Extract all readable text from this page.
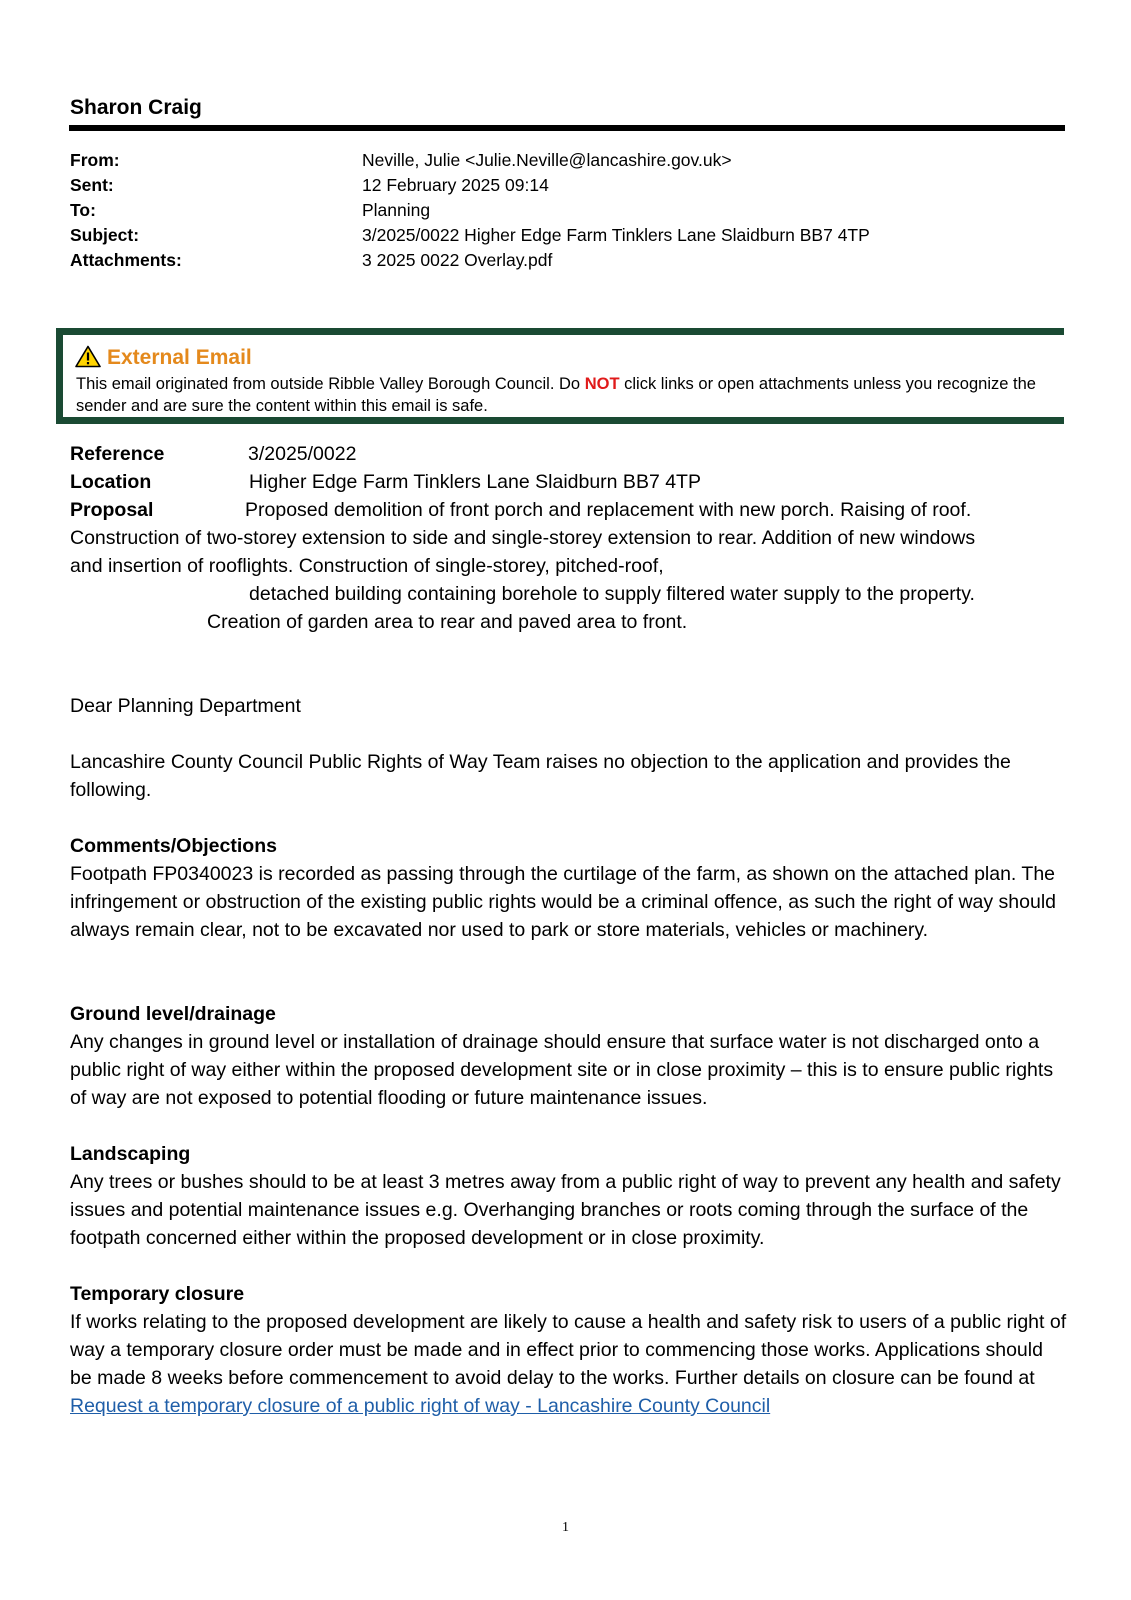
Sharon Craig
From:	Neville, Julie <Julie.Neville@lancashire.gov.uk>
Sent:	12 February 2025 09:14
To:	Planning
Subject:	3/2025/0022 Higher Edge Farm Tinklers Lane Slaidburn BB7 4TP
Attachments:	3 2025 0022 Overlay.pdf
External Email
This email originated from outside Ribble Valley Borough Council. Do NOT click links or open attachments unless you recognize the sender and are sure the content within this email is safe.
Reference	3/2025/0022
Location	Higher Edge Farm Tinklers Lane Slaidburn BB7 4TP
Proposal	Proposed demolition of front porch and replacement with new porch. Raising of roof.
Construction of two-storey extension to side and single-storey extension to rear. Addition of new windows
and insertion of rooflights. Construction of single-storey, pitched-roof,
detached building containing borehole to supply filtered water supply to the property.
Creation of garden area to rear and paved area to front.
Dear Planning Department
Lancashire County Council Public Rights of Way Team raises no objection to the application and provides the following.

Comments/Objections

Footpath FP0340023 is recorded as passing through the curtilage of the farm, as shown on the attached plan. The infringement or obstruction of the existing public rights would be a criminal offence, as such the right of way should always remain clear, not to be excavated nor used to park or store materials, vehicles or machinery.

Ground level/drainage

Any changes in ground level or installation of drainage should ensure that surface water is not discharged onto a public right of way either within the proposed development site or in close proximity – this is to ensure public rights of way are not exposed to potential flooding or future maintenance issues.

Landscaping

Any trees or bushes should to be at least 3 metres away from a public right of way to prevent any health and safety issues and potential maintenance issues e.g. Overhanging branches or roots coming through the surface of the footpath concerned either within the proposed development or in close proximity.

Temporary closure

If works relating to the proposed development are likely to cause a health and safety risk to users of a public right of way a temporary closure order must be made and in effect prior to commencing those works. Applications should be made 8 weeks before commencement to avoid delay to the works. Further details on closure can be found at Request a temporary closure of a public right of way - Lancashire County Council

1
